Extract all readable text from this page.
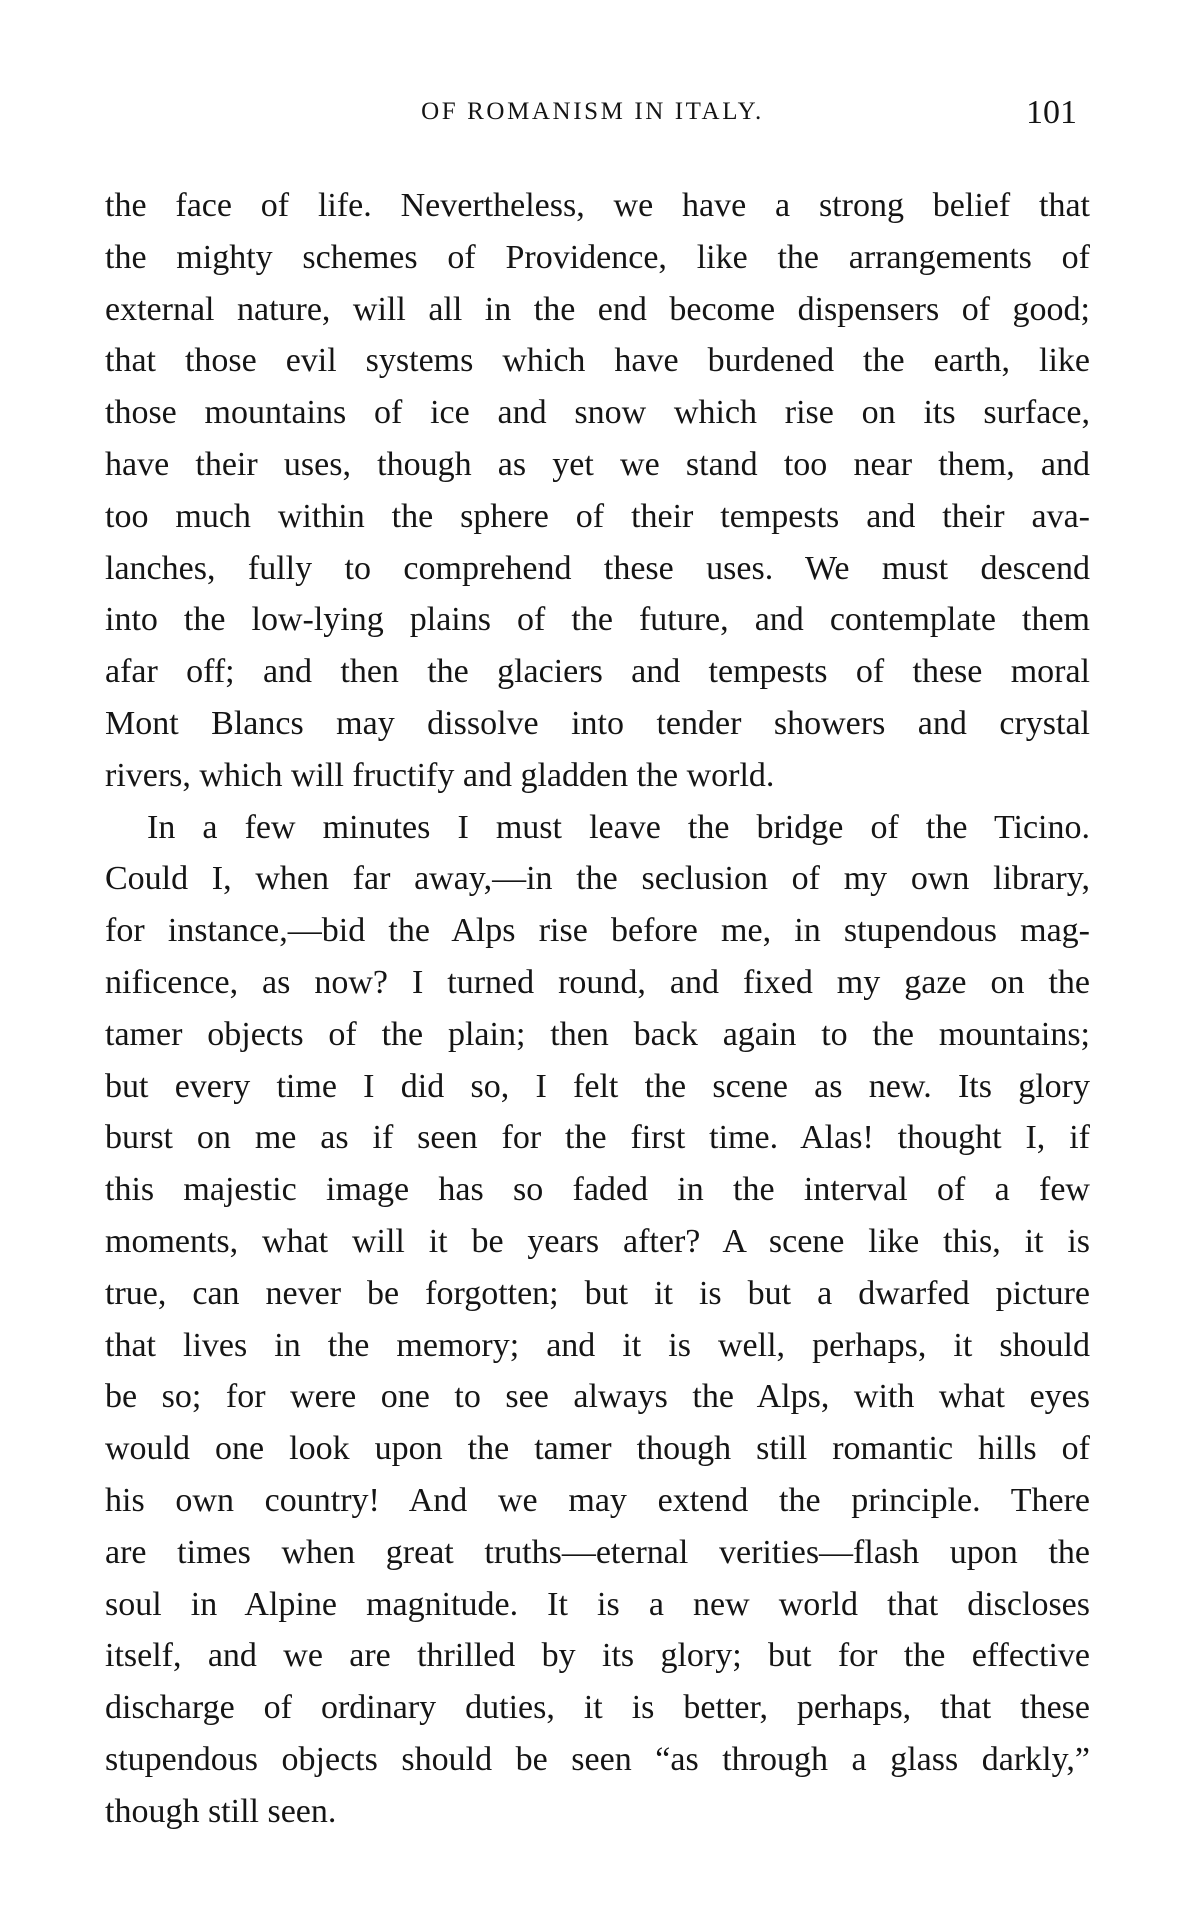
OF ROMANISM IN ITALY.	101
the face of life. Nevertheless, we have a strong belief that
the mighty schemes of Providence, like the arrangements of
external nature, will all in the end become dispensers of good;
that those evil systems which have burdened the earth, like
those mountains of ice and snow which rise on its surface,
have their uses, though as yet we stand too near them, and
too much within the sphere of their tempests and their ava-
lanches, fully to comprehend these uses. We must descend
into the low-lying plains of the future, and contemplate them
afar off; and then the glaciers and tempests of these moral
Mont Blancs may dissolve into tender showers and crystal
rivers, which will fructify and gladden the world.
In a few minutes I must leave the bridge of the Ticino.
Could I, when far away,—in the seclusion of my own library,
for instance,—bid the Alps rise before me, in stupendous mag-
nificence, as now? I turned round, and fixed my gaze on the
tamer objects of the plain; then back again to the mountains;
but every time I did so, I felt the scene as new. Its glory
burst on me as if seen for the first time. Alas! thought I, if
this majestic image has so faded in the interval of a few
moments, what will it be years after? A scene like this, it is
true, can never be forgotten; but it is but a dwarfed picture
that lives in the memory; and it is well, perhaps, it should
be so; for were one to see always the Alps, with what eyes
would one look upon the tamer though still romantic hills of
his own country! And we may extend the principle. There
are times when great truths—eternal verities—flash upon the
soul in Alpine magnitude. It is a new world that discloses
itself, and we are thrilled by its glory; but for the effective
discharge of ordinary duties, it is better, perhaps, that these
stupendous objects should be seen “as through a glass darkly,”
though still seen.
